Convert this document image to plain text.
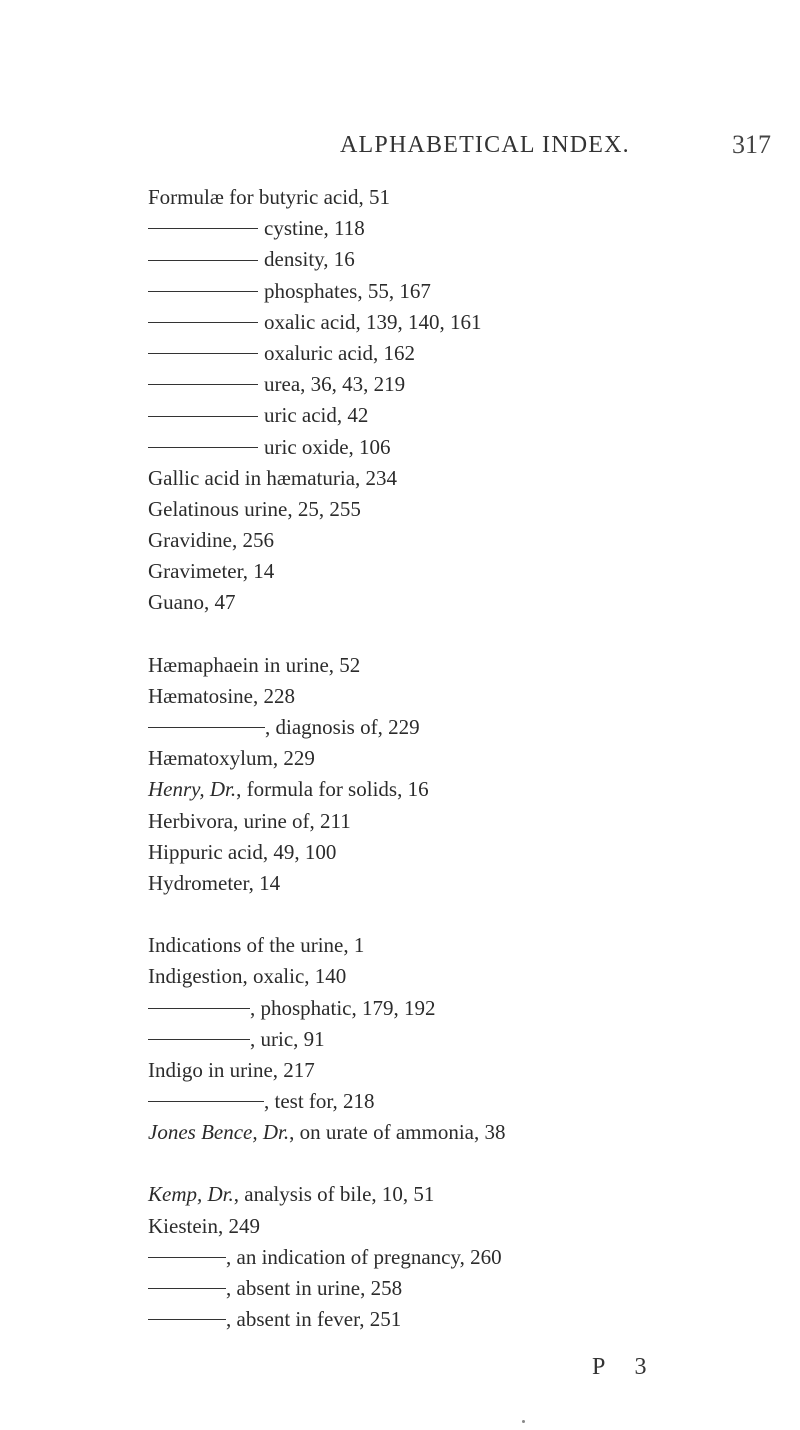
ALPHABETICAL INDEX.	317
Formulæ for butyric acid, 51
cystine, 118
density, 16
phosphates, 55, 167
oxalic acid, 139, 140, 161
oxaluric acid, 162
urea, 36, 43, 219
uric acid, 42
uric oxide, 106
Gallic acid in hæmaturia, 234
Gelatinous urine, 25, 255
Gravidine, 256
Gravimeter, 14
Guano, 47
Hæmaphaein in urine, 52
Hæmatosine, 228
, diagnosis of, 229
Hæmatoxylum, 229
Henry, Dr., formula for solids, 16
Herbivora, urine of, 211
Hippuric acid, 49, 100
Hydrometer, 14
Indications of the urine, 1
Indigestion, oxalic, 140
, phosphatic, 179, 192
, uric, 91
Indigo in urine, 217
, test for, 218
Jones Bence, Dr., on urate of ammonia, 38
Kemp, Dr., analysis of bile, 10, 51
Kiestein, 249
, an indication of pregnancy, 260
, absent in urine, 258
, absent in fever, 251
P 3
